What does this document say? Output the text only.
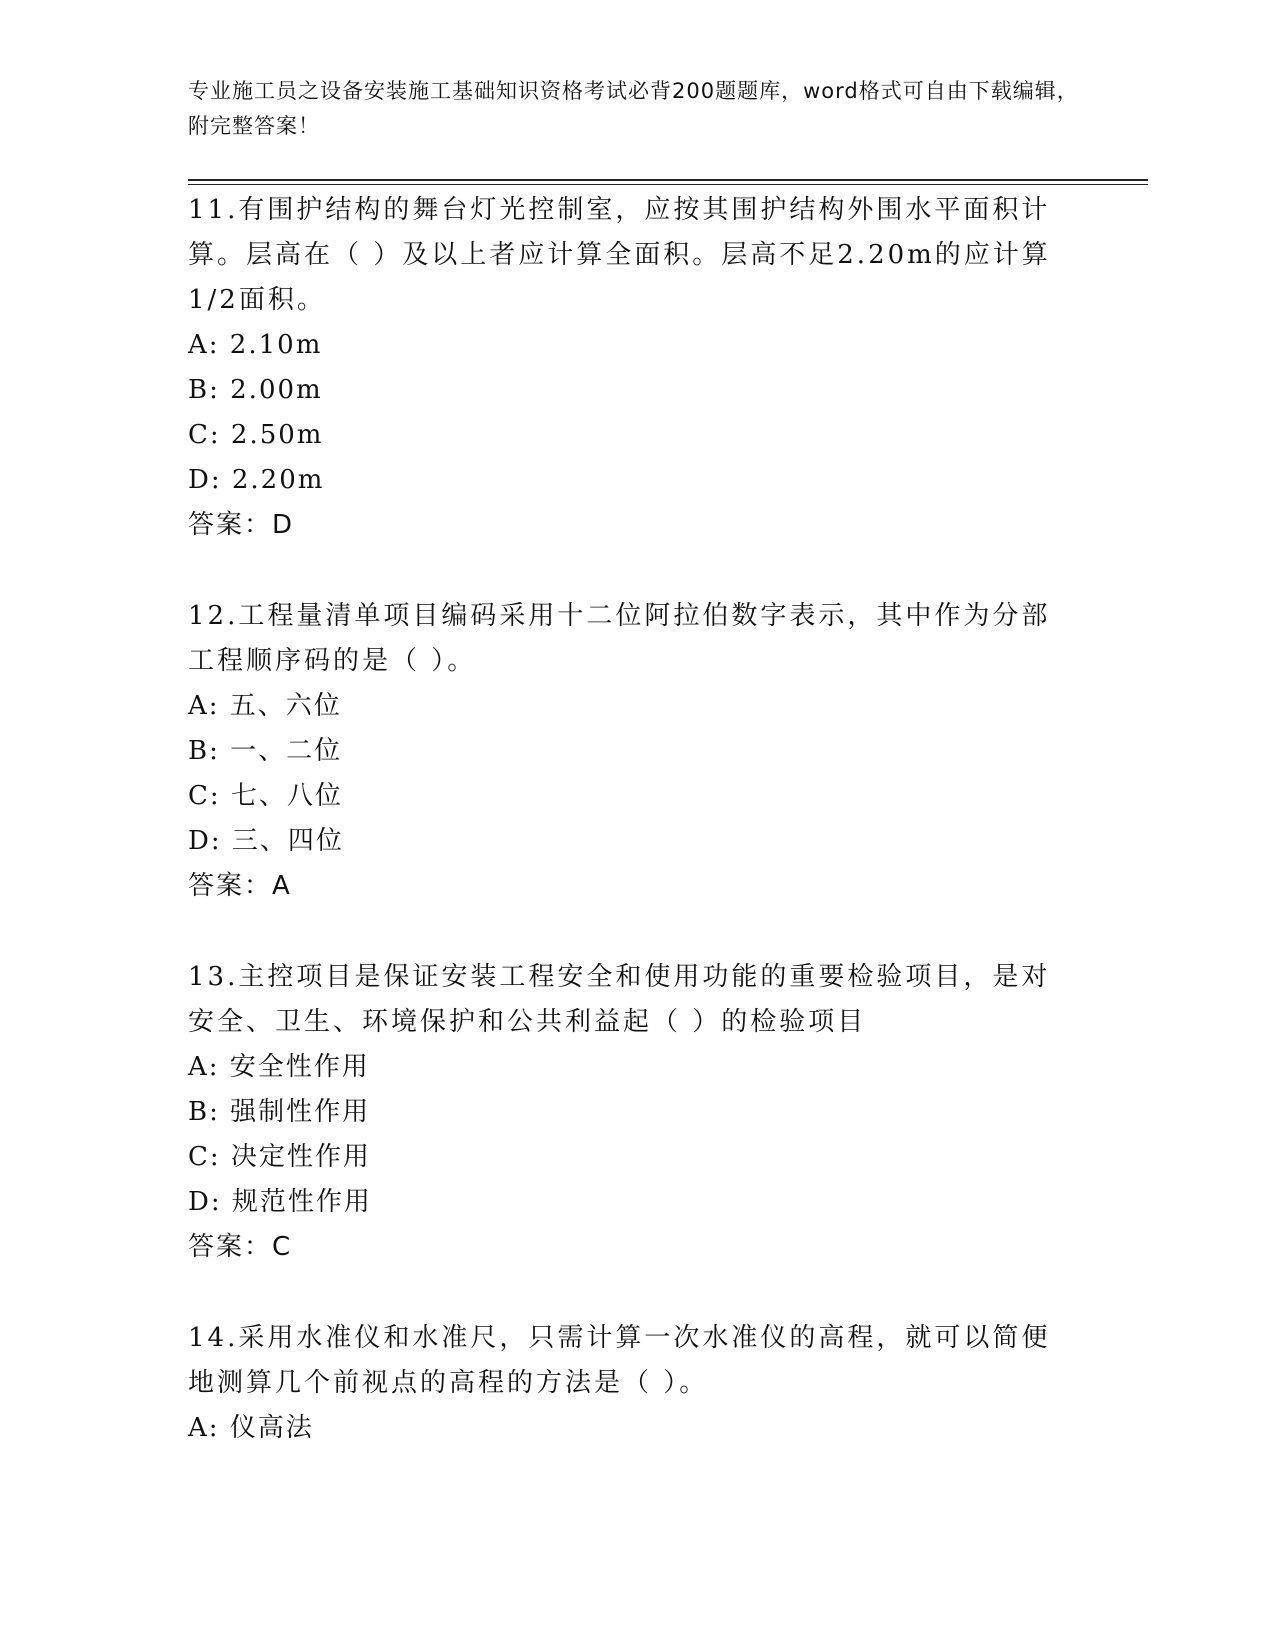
专业施工员之设备安装施工基础知识资格考试必背200题题库，word格式可自由下载编辑，附完整答案！
11.有围护结构的舞台灯光控制室，应按其围护结构外围水平面积计算。层高在（ ）及以上者应计算全面积。层高不足2.20m的应计算1/2面积。
A: 2.10m
B: 2.00m
C: 2.50m
D: 2.20m
答案：D
12.工程量清单项目编码采用十二位阿拉伯数字表示，其中作为分部工程顺序码的是（ ）。
A: 五、六位
B: 一、二位
C: 七、八位
D: 三、四位
答案：A
13.主控项目是保证安装工程安全和使用功能的重要检验项目，是对安全、卫生、环境保护和公共利益起（ ）的检验项目
A: 安全性作用
B: 强制性作用
C: 决定性作用
D: 规范性作用
答案：C
14.采用水准仪和水准尺，只需计算一次水准仪的高程，就可以简便地测算几个前视点的高程的方法是（ ）。
A: 仪高法
